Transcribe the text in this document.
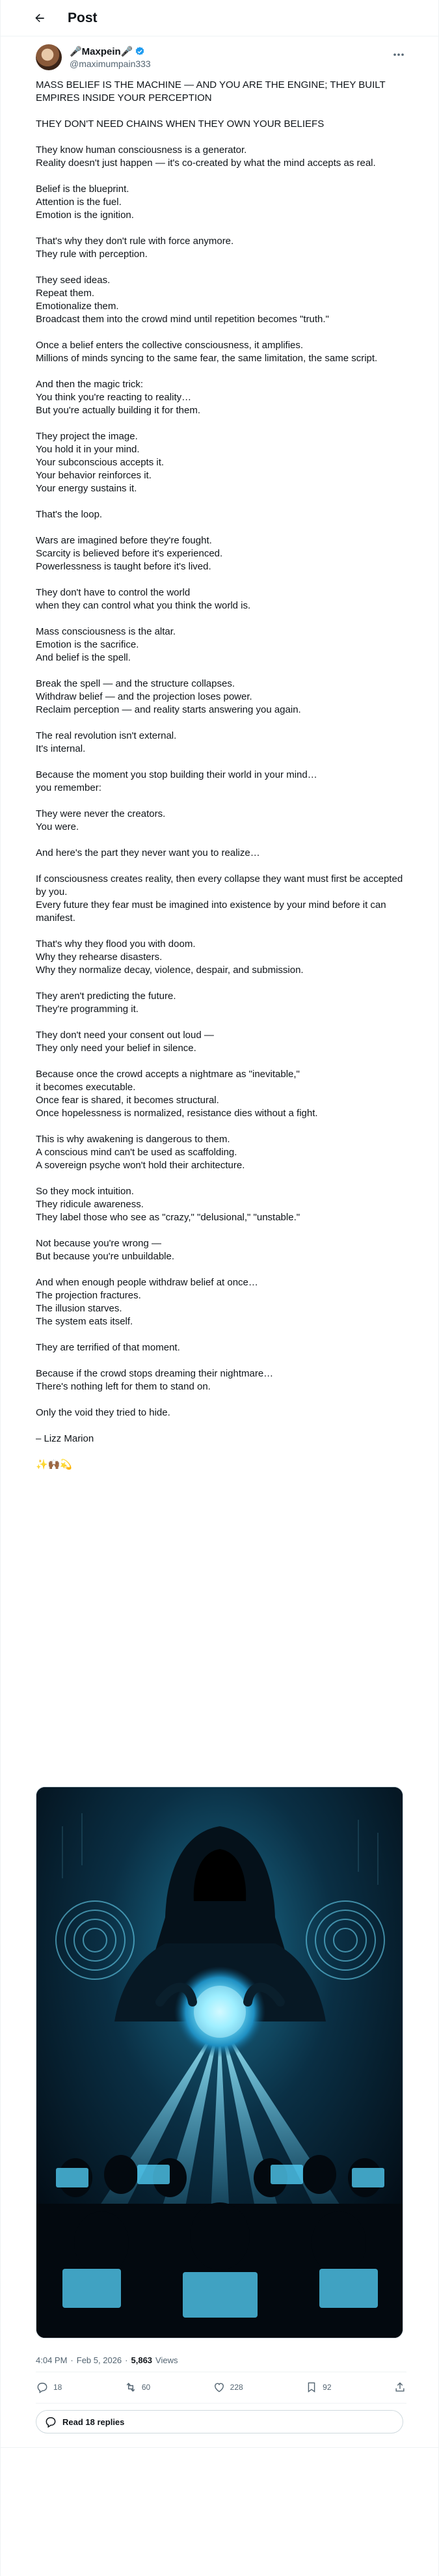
Post
🎤Maxpein🎤
@maximumpain333
MASS BELIEF IS THE MACHINE — AND YOU ARE THE ENGINE; THEY BUILT EMPIRES INSIDE YOUR PERCEPTION

THEY DON'T NEED CHAINS WHEN THEY OWN YOUR BELIEFS

They know human consciousness is a generator.
Reality doesn't just happen — it's co-created by what the mind accepts as real.

Belief is the blueprint.
Attention is the fuel.
Emotion is the ignition.

That's why they don't rule with force anymore.
They rule with perception.

They seed ideas.
Repeat them.
Emotionalize them.
Broadcast them into the crowd mind until repetition becomes "truth."

Once a belief enters the collective consciousness, it amplifies.
Millions of minds syncing to the same fear, the same limitation, the same script.

And then the magic trick:
You think you're reacting to reality…
But you're actually building it for them.

They project the image.
You hold it in your mind.
Your subconscious accepts it.
Your behavior reinforces it.
Your energy sustains it.

That's the loop.

Wars are imagined before they're fought.
Scarcity is believed before it's experienced.
Powerlessness is taught before it's lived.

They don't have to control the world
when they can control what you think the world is.

Mass consciousness is the altar.
Emotion is the sacrifice.
And belief is the spell.

Break the spell — and the structure collapses.
Withdraw belief — and the projection loses power.
Reclaim perception — and reality starts answering you again.

The real revolution isn't external.
It's internal.

Because the moment you stop building their world in your mind…
you remember:

They were never the creators.
You were.

And here's the part they never want you to realize…

If consciousness creates reality, then every collapse they want must first be accepted by you.
Every future they fear must be imagined into existence by your mind before it can manifest.

That's why they flood you with doom.
Why they rehearse disasters.
Why they normalize decay, violence, despair, and submission.

They aren't predicting the future.
They're programming it.

They don't need your consent out loud —
They only need your belief in silence.

Because once the crowd accepts a nightmare as "inevitable,"
it becomes executable.
Once fear is shared, it becomes structural.
Once hopelessness is normalized, resistance dies without a fight.

This is why awakening is dangerous to them.
A conscious mind can't be used as scaffolding.
A sovereign psyche won't hold their architecture.

So they mock intuition.
They ridicule awareness.
They label those who see as "crazy," "delusional," "unstable."

Not because you're wrong —
But because you're unbuildable.

And when enough people withdraw belief at once…
The projection fractures.
The illusion starves.
The system eats itself.

They are terrified of that moment.

Because if the crowd stops dreaming their nightmare…
There's nothing left for them to stand on.

Only the void they tried to hide.

– Lizz Marion

✨🙌🏾💫
4:04 PM · Feb 5, 2026 · 5,863 Views
18	60	228	92
Read 18 replies
